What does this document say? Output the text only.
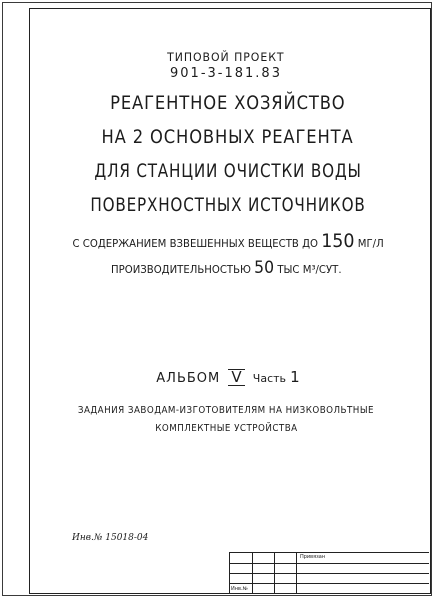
ТИПОВОЙ ПРОЕКТ
901-3-181.83
РЕАГЕНТНОЕ ХОЗЯЙСТВО
НА 2 ОСНОВНЫХ РЕАГЕНТА
ДЛЯ СТАНЦИИ ОЧИСТКИ ВОДЫ
ПОВЕРХНОСТНЫХ ИСТОЧНИКОВ
С СОДЕРЖАНИЕМ ВЗВЕШЕННЫХ ВЕЩЕСТВ ДО 150 МГ/Л
ПРОИЗВОДИТЕЛЬНОСТЬЮ 50 ТЫС М³/СУТ.
АЛЬБОМ V Часть 1
ЗАДАНИЯ ЗАВОДАМ-ИЗГОТОВИТЕЛЯМ НА НИЗКОВОЛЬТНЫЕ
КОМПЛЕКТНЫЕ УСТРОЙСТВА
Инв.№ 15018-04
Привязан
Инв.№
